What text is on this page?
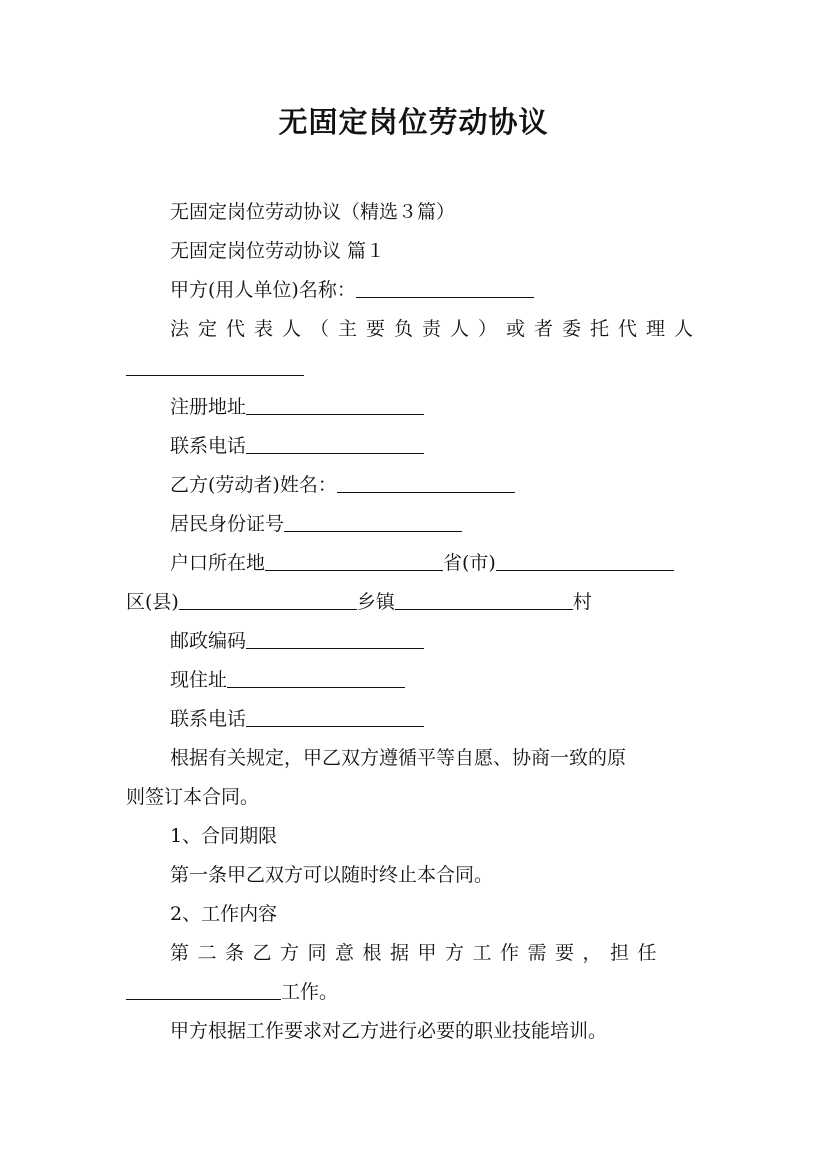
无固定岗位劳动协议
无固定岗位劳动协议（精选３篇）
无固定岗位劳动协议 篇１
甲方(用人单位)名称：
法定代表人（主要负责人）或者委托代理人
注册地址
联系电话
乙方(劳动者)姓名：
居民身份证号
户口所在地	省(市)
区(县)	乡镇	村
邮政编码
现住址
联系电话
根据有关规定，甲乙双方遵循平等自愿、协商一致的原
则签订本合同。
1、合同期限
第一条甲乙双方可以随时终止本合同。
2、工作内容
第二条乙方同意根据甲方工作需要，担任
工作。
甲方根据工作要求对乙方进行必要的职业技能培训。
